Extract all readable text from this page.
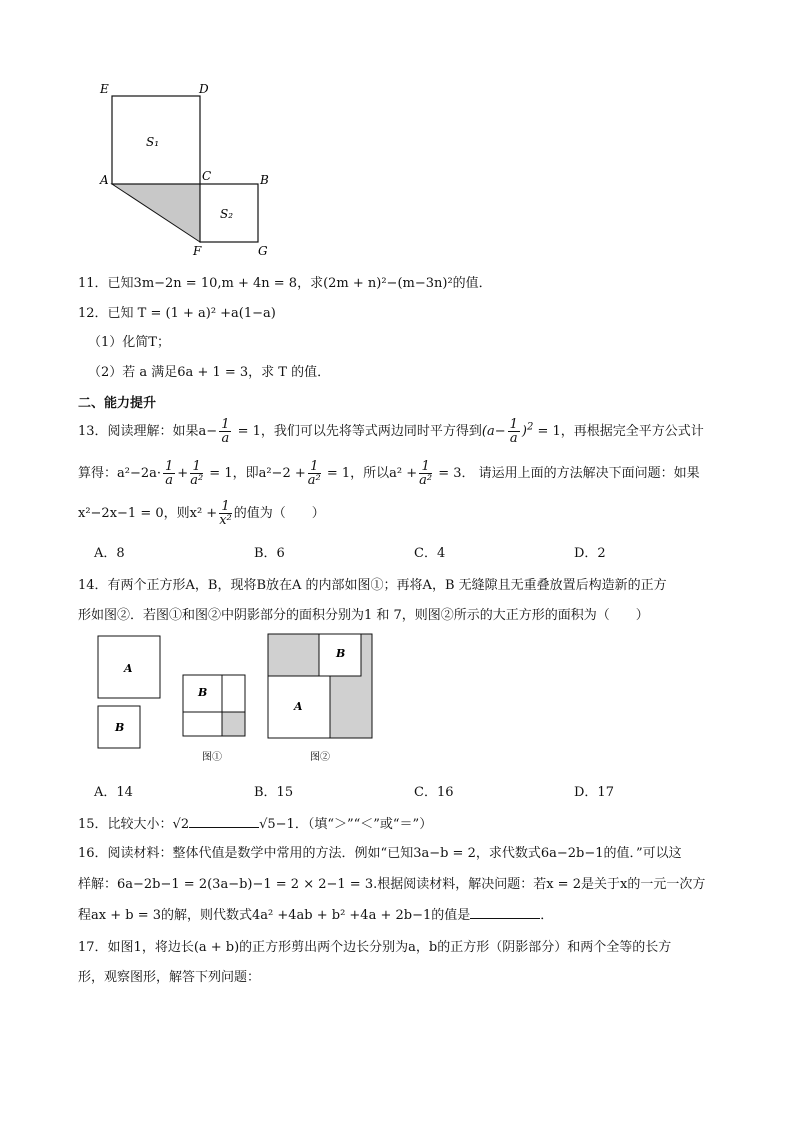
E	D
A	C	B
F	G
S₁
S₂
11．已知3m−2n = 10,m + 4n = 8，求(2m + n)²−(m−3n)²的值．
12．已知 T = (1 + a)² +a(1−a)
（1）化简T；
（2）若 a 满足6a + 1 = 3，求 T 的值．
二、能力提升
13．阅读理解：如果$a- \frac{1}{a} = 1$，我们可以先将等式两边同时平方得到$(a- \frac{1}{a} )^2 = 1$，再根据完全平方公式计
算得：$a^2-2a\cdot \frac{1}{a} + \frac{1}{\text{a²}} = 1$，即$a^2-2 + \frac{1}{\text{a²}} = 1$，所以$a^2 + \frac{1}{\text{a²}} = 3$． 请运用上面的方法解决下面问题：如果
x²−2x−1 = 0，则$x^2 + \frac{1}{\text{x²}}$ 的值为（　　）
A．8	B．6	C．4	D．2
14．有两个正方形A，B，现将B放在A 的内部如图①；再将A，B 无缝隙且无重叠放置后构造新的正方
形如图②．若图①和图②中阴影部分的面积分别为1 和 7，则图②所示的大正方形的面积为（　　）
A
B
B
图①
A
B
图②
A．14	B．15	C．16	D．17
15．比较大小：√2	√5−1．（填“＞”“＜”或“＝”）
16．阅读材料：整体代值是数学中常用的方法．例如“已知3a−b = 2，求代数式6a−2b−1的值．”可以这
样解：6a−2b−1 = 2(3a−b)−1 = 2 × 2−1 = 3.根据阅读材料，解决问题：若x = 2是关于x的一元一次方
程ax + b = 3的解，则代数式4a² +4ab + b² +4a + 2b−1的值是	．
17．如图1，将边长(a + b)的正方形剪出两个边长分别为a，b的正方形（阴影部分）和两个全等的长方
形，观察图形，解答下列问题：
